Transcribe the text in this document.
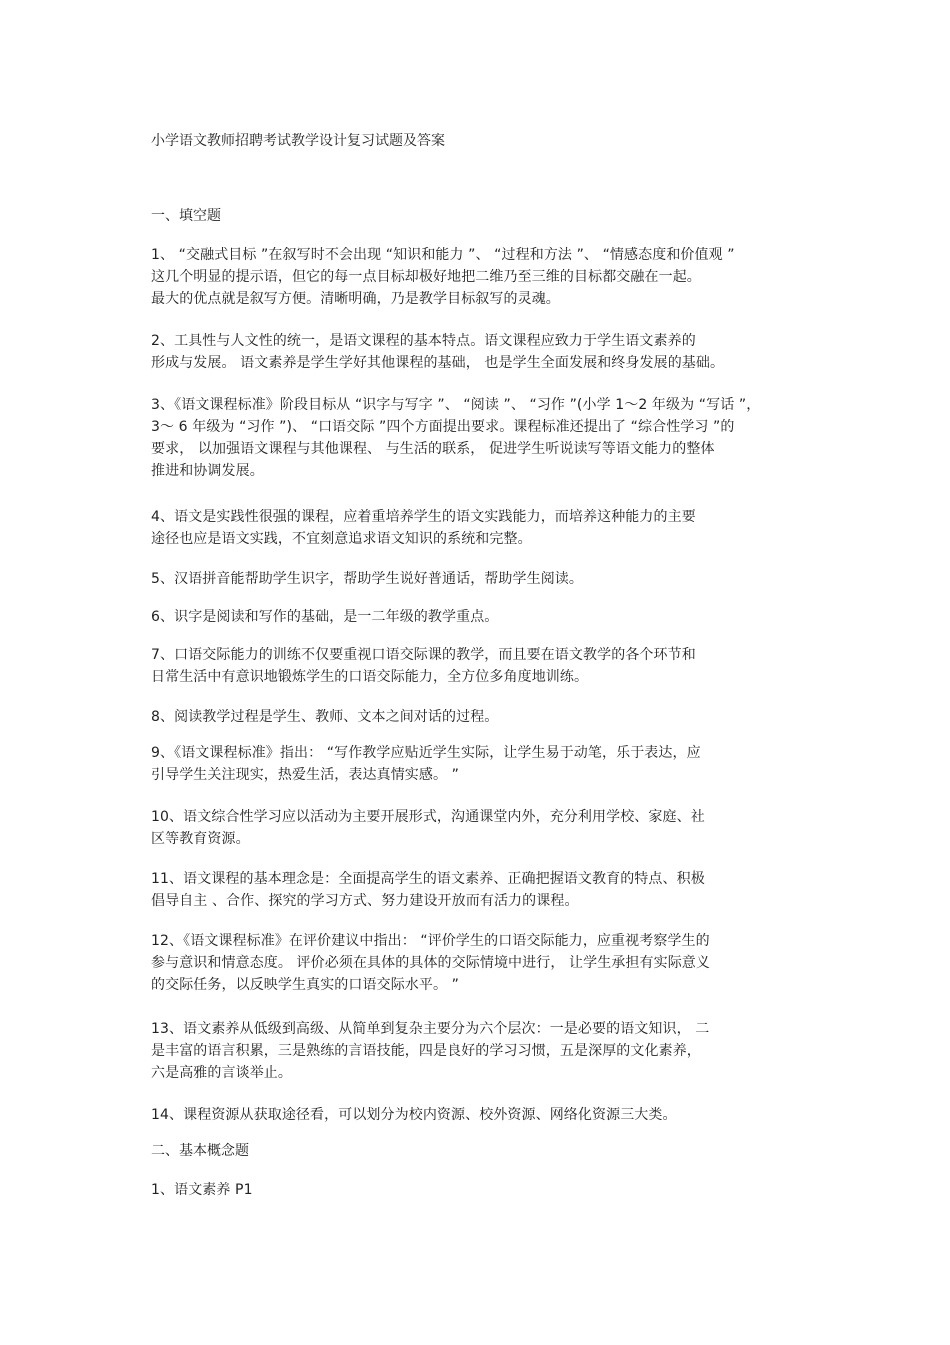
小学语文教师招聘考试教学设计复习试题及答案
一、填空题
1、 “交融式目标 ”在叙写时不会出现 “知识和能力 ”、 “过程和方法 ”、 “情感态度和价值观 ”
这几个明显的提示语，但它的每一点目标却极好地把二维乃至三维的目标都交融在一起。
最大的优点就是叙写方便。清晰明确，乃是教学目标叙写的灵魂。
2、工具性与人文性的统一，是语文课程的基本特点。语文课程应致力于学生语文素养的
形成与发展。 语文素养是学生学好其他课程的基础， 也是学生全面发展和终身发展的基础。
3、《语文课程标准》阶段目标从 “识字与写字 ”、 “阅读 ”、 “习作 ”(小学 1～2 年级为 “写话 ”，
3～ 6 年级为 “习作 ”)、 “口语交际 ”四个方面提出要求。课程标准还提出了 “综合性学习 ”的
要求， 以加强语文课程与其他课程、 与生活的联系， 促进学生听说读写等语文能力的整体
推进和协调发展。
4、语文是实践性很强的课程，应着重培养学生的语文实践能力，而培养这种能力的主要
途径也应是语文实践，不宜刻意追求语文知识的系统和完整。
5、汉语拼音能帮助学生识字，帮助学生说好普通话，帮助学生阅读。
6、识字是阅读和写作的基础，是一二年级的教学重点。
7、口语交际能力的训练不仅要重视口语交际课的教学，而且要在语文教学的各个环节和
日常生活中有意识地锻炼学生的口语交际能力，全方位多角度地训练。
8、阅读教学过程是学生、教师、文本之间对话的过程。
9、《语文课程标准》指出： “写作教学应贴近学生实际，让学生易于动笔，乐于表达，应
引导学生关注现实，热爱生活，表达真情实感。 ”
10、语文综合性学习应以活动为主要开展形式，沟通课堂内外，充分利用学校、家庭、社
区等教育资源。
11、语文课程的基本理念是：全面提高学生的语文素养、正确把握语文教育的特点、积极
倡导自主 、合作、探究的学习方式、努力建设开放而有活力的课程。
12、《语文课程标准》在评价建议中指出： “评价学生的口语交际能力，应重视考察学生的
参与意识和情意态度。 评价必须在具体的具体的交际情境中进行， 让学生承担有实际意义
的交际任务，以反映学生真实的口语交际水平。 ”
13、语文素养从低级到高级、从简单到复杂主要分为六个层次：一是必要的语文知识， 二
是丰富的语言积累，三是熟练的言语技能，四是良好的学习习惯，五是深厚的文化素养，
六是高雅的言谈举止。
14、课程资源从获取途径看，可以划分为校内资源、校外资源、网络化资源三大类。
二、基本概念题
1、语文素养 P1
